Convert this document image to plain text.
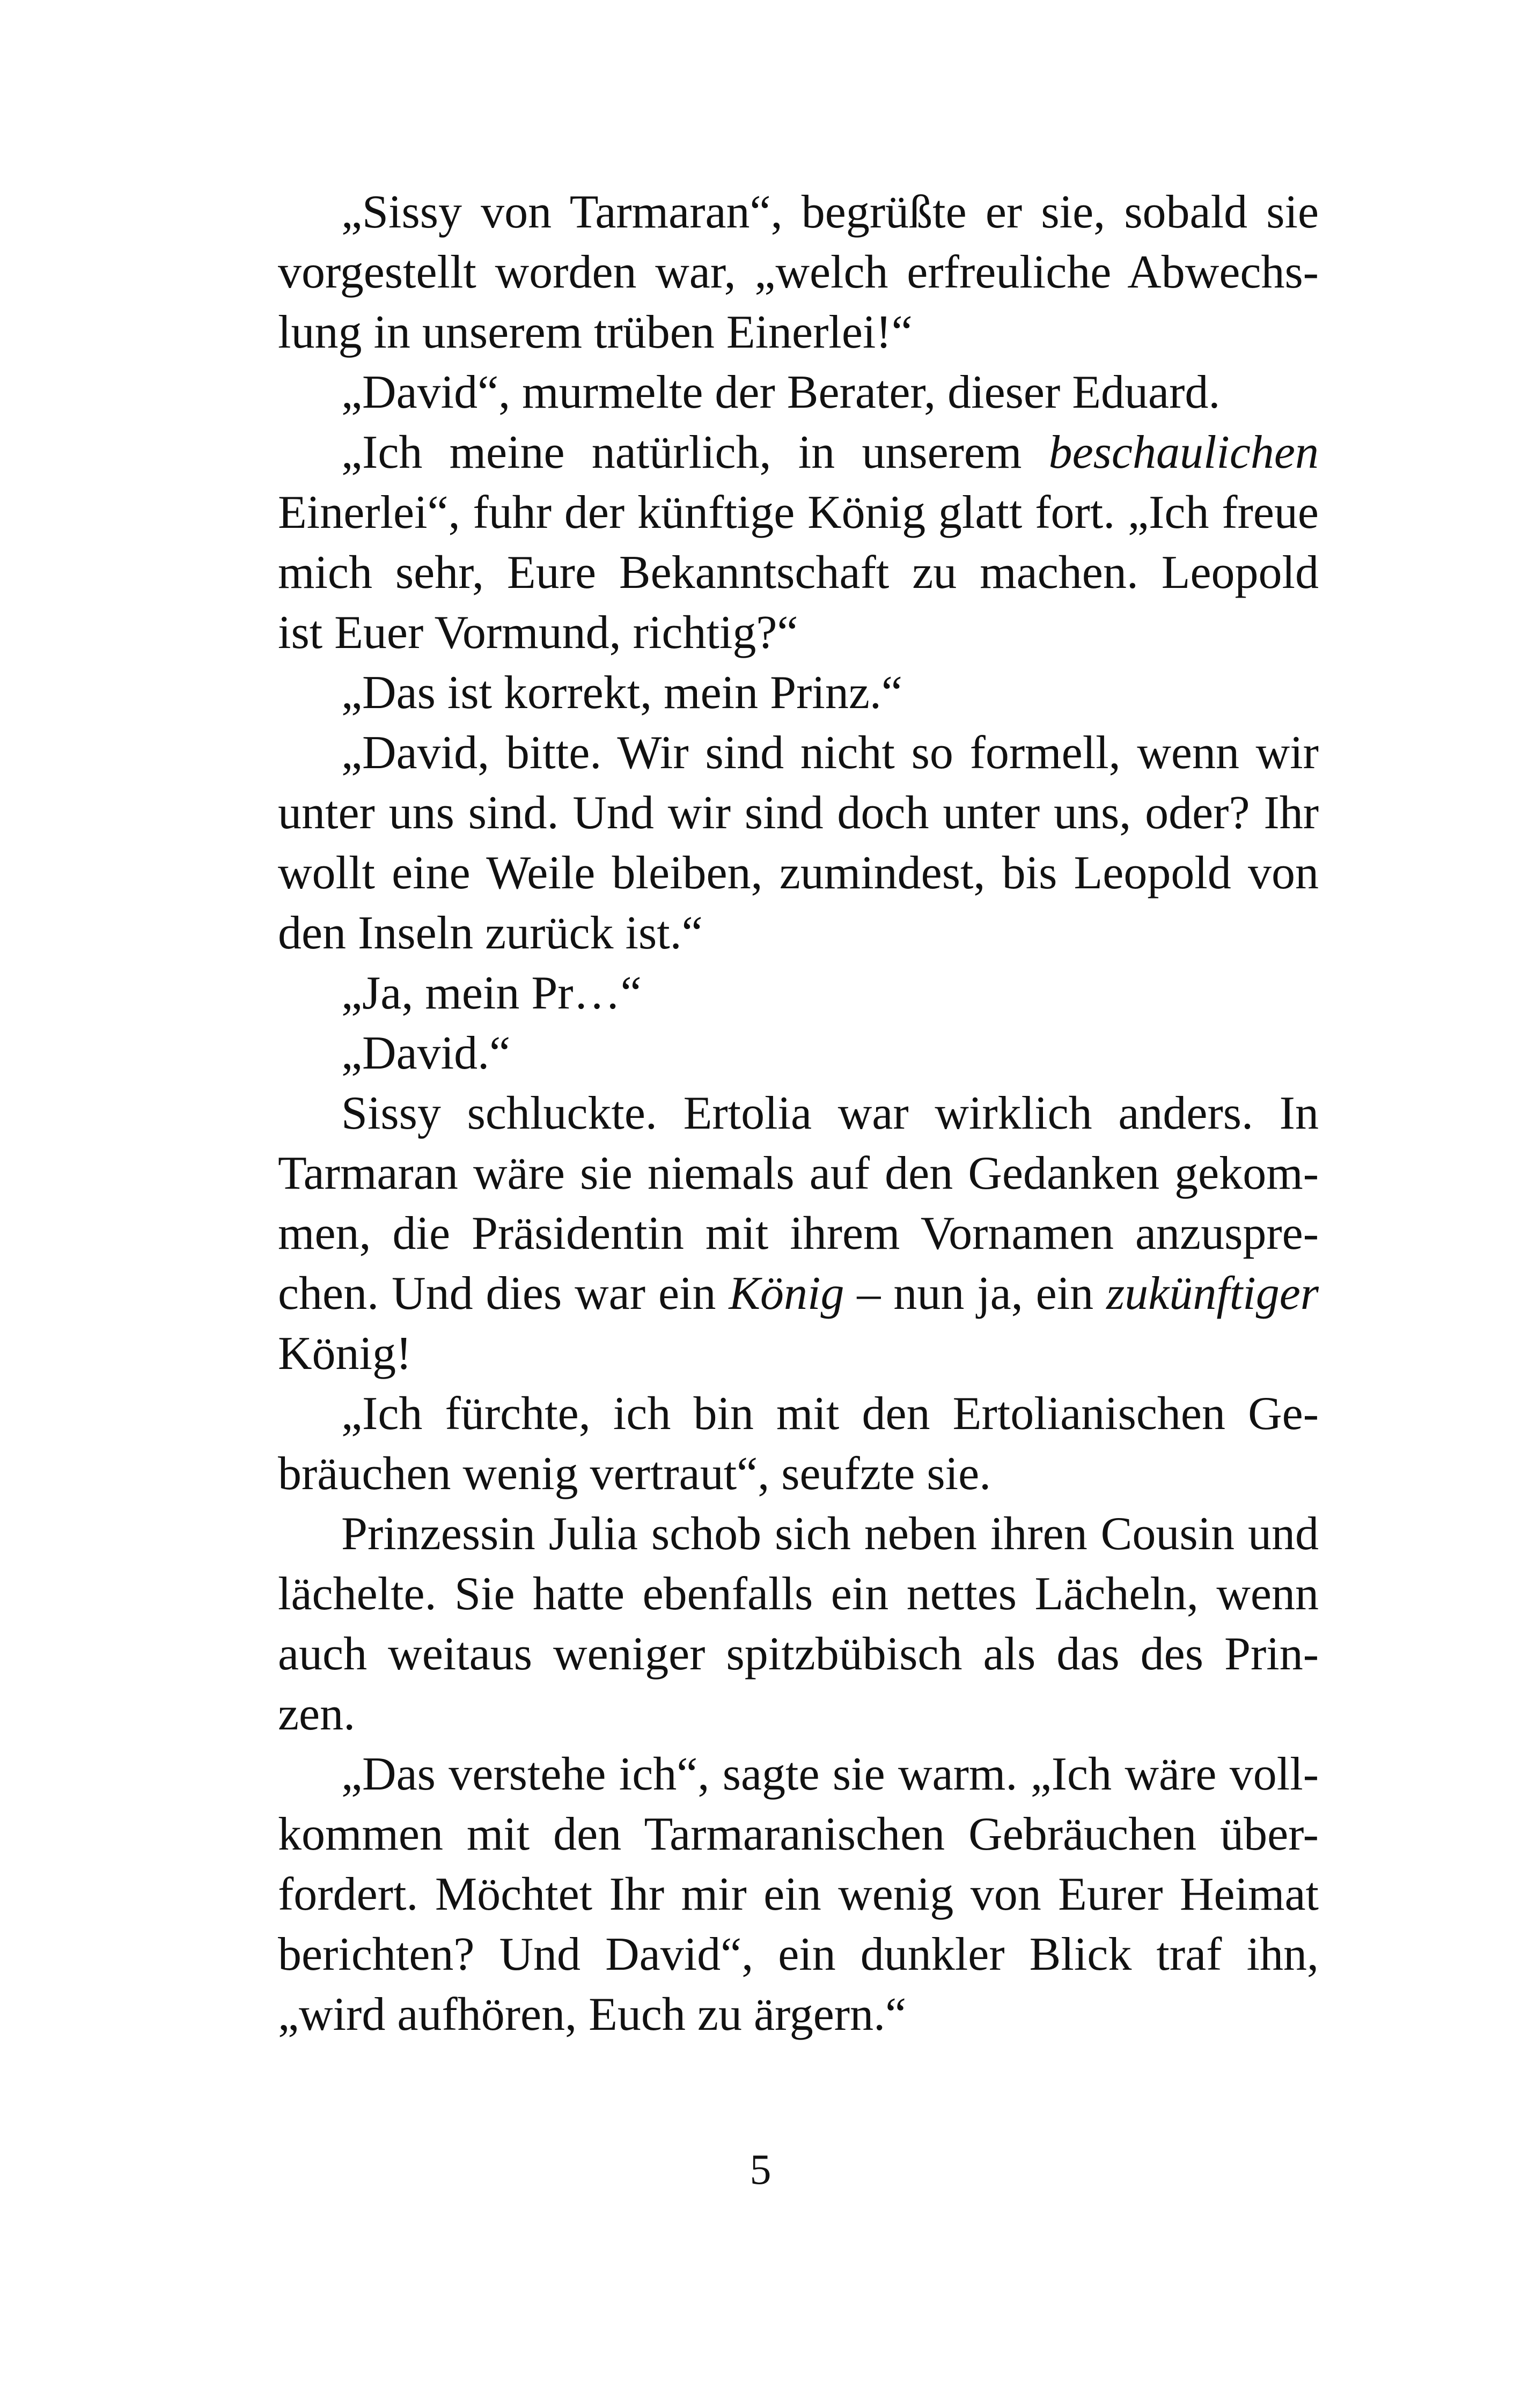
„Sissy von Tarmaran“, begrüßte er sie, sobald sie
vorgestellt worden war, „welch erfreuliche Abwechs-
lung in unserem trüben Einerlei!“
„David“, murmelte der Berater, dieser Eduard.
„Ich meine natürlich, in unserem beschaulichen
Einerlei“, fuhr der künftige König glatt fort. „Ich freue
mich sehr, Eure Bekanntschaft zu machen. Leopold
ist Euer Vormund, richtig?“
„Das ist korrekt, mein Prinz.“
„David, bitte. Wir sind nicht so formell, wenn wir
unter uns sind. Und wir sind doch unter uns, oder? Ihr
wollt eine Weile bleiben, zumindest, bis Leopold von
den Inseln zurück ist.“
„Ja, mein Pr…“
„David.“
Sissy schluckte. Ertolia war wirklich anders. In
Tarmaran wäre sie niemals auf den Gedanken gekom-
men, die Präsidentin mit ihrem Vornamen anzuspre-
chen. Und dies war ein König – nun ja, ein zukünftiger
König!
„Ich fürchte, ich bin mit den Ertolianischen Ge-
bräuchen wenig vertraut“, seufzte sie.
Prinzessin Julia schob sich neben ihren Cousin und
lächelte. Sie hatte ebenfalls ein nettes Lächeln, wenn
auch weitaus weniger spitzbübisch als das des Prin-
zen.
„Das verstehe ich“, sagte sie warm. „Ich wäre voll-
kommen mit den Tarmaranischen Gebräuchen über-
fordert. Möchtet Ihr mir ein wenig von Eurer Heimat
berichten? Und David“, ein dunkler Blick traf ihn,
„wird aufhören, Euch zu ärgern.“
5
